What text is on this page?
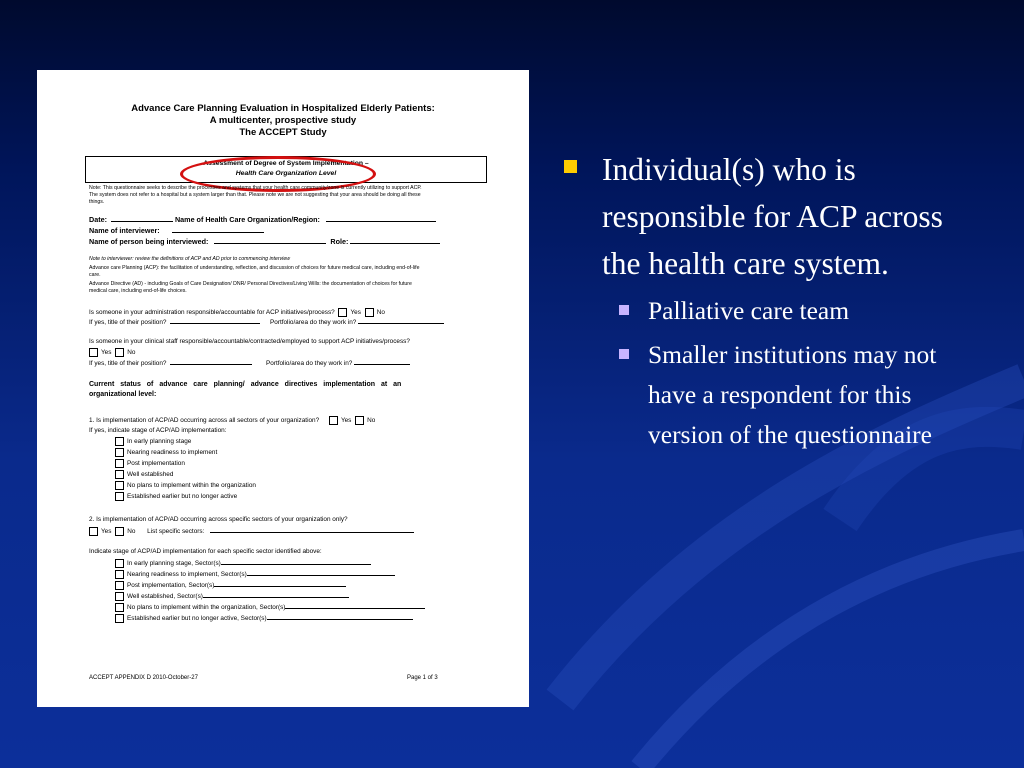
Advance Care Planning Evaluation in Hospitalized Elderly Patients:
A multicenter, prospective study
The ACCEPT Study
Assessment of Degree of System Implementation –
Health Care Organization Level
Note: This questionnaire seeks to describe the processes and systems that your health care community/zone is currently utilizing to support ACP.
The system does not refer to a hospital but a system larger than that. Please note we are not suggesting that your area should be doing all these
things.
Date:	Name of Health Care Organization/Region:
Name of interviewer:
Name of person being interviewed:	Role:
Note to interviewer: review the definitions of ACP and AD prior to commencing interview
Advance care Planning (ACP): the facilitation of understanding, reflection, and discussion of choices for future medical care, including end-of-life
care.
Advance Directive (AD) - including Goals of Care Designation/ DNR/ Personal Directives/Living Wills: the documentation of choices for future
medical care, including end-of-life choices.
Is someone in your administration responsible/accountable for ACP initiatives/process? Yes No
If yes, title of their position?	Portfolio/area do they work in?
Is someone in your clinical staff responsible/accountable/contracted/employed to support ACP initiatives/process?
Yes No
If yes, title of their position?	Portfolio/area do they work in?
Current status of advance care planning/ advance directives implementation at an
organizational level:
1. Is implementation of ACP/AD occurring across all sectors of your organization?	Yes No
If yes, indicate stage of ACP/AD implementation:
In early planning stage
Nearing readiness to implement
Post implementation
Well established
No plans to implement within the organization
Established earlier but no longer active
2. Is implementation of ACP/AD occurring across specific sectors of your organization only?
Yes No List specific sectors:
Indicate stage of ACP/AD implementation for each specific sector identified above:
In early planning stage, Sector(s)
Nearing readiness to implement, Sector(s)
Post implementation, Sector(s)
Well established, Sector(s)
No plans to implement within the organization, Sector(s)
Established earlier but no longer active, Sector(s)
ACCEPT APPENDIX D 2010-October-27	Page 1 of 3
Individual(s) who is responsible for ACP across the health care system.
Palliative care team
Smaller institutions may not have a respondent for this version of the questionnaire
